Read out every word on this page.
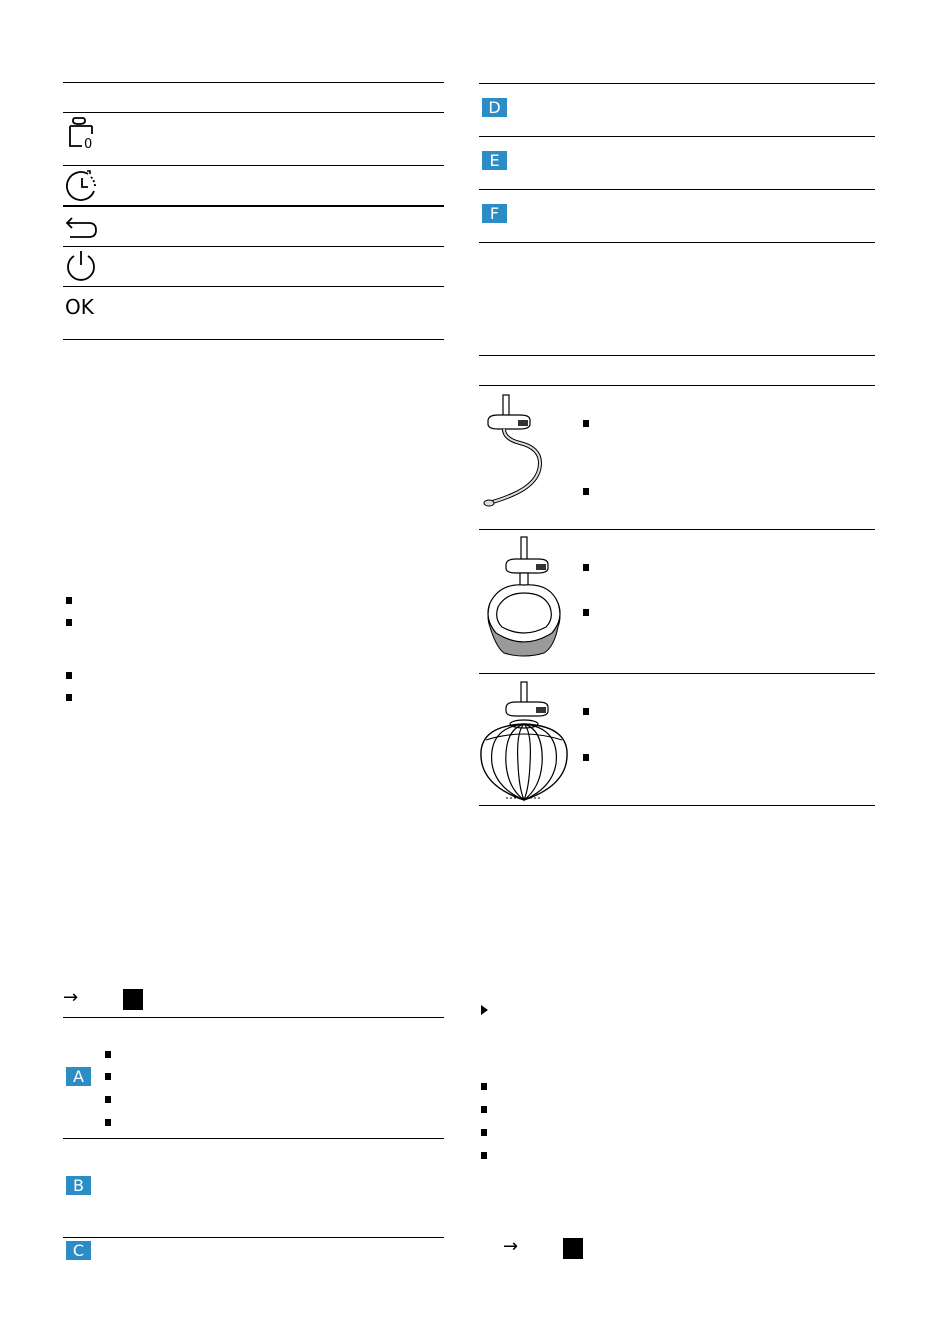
0
OK
→
A
B
C
D
E
F
→
